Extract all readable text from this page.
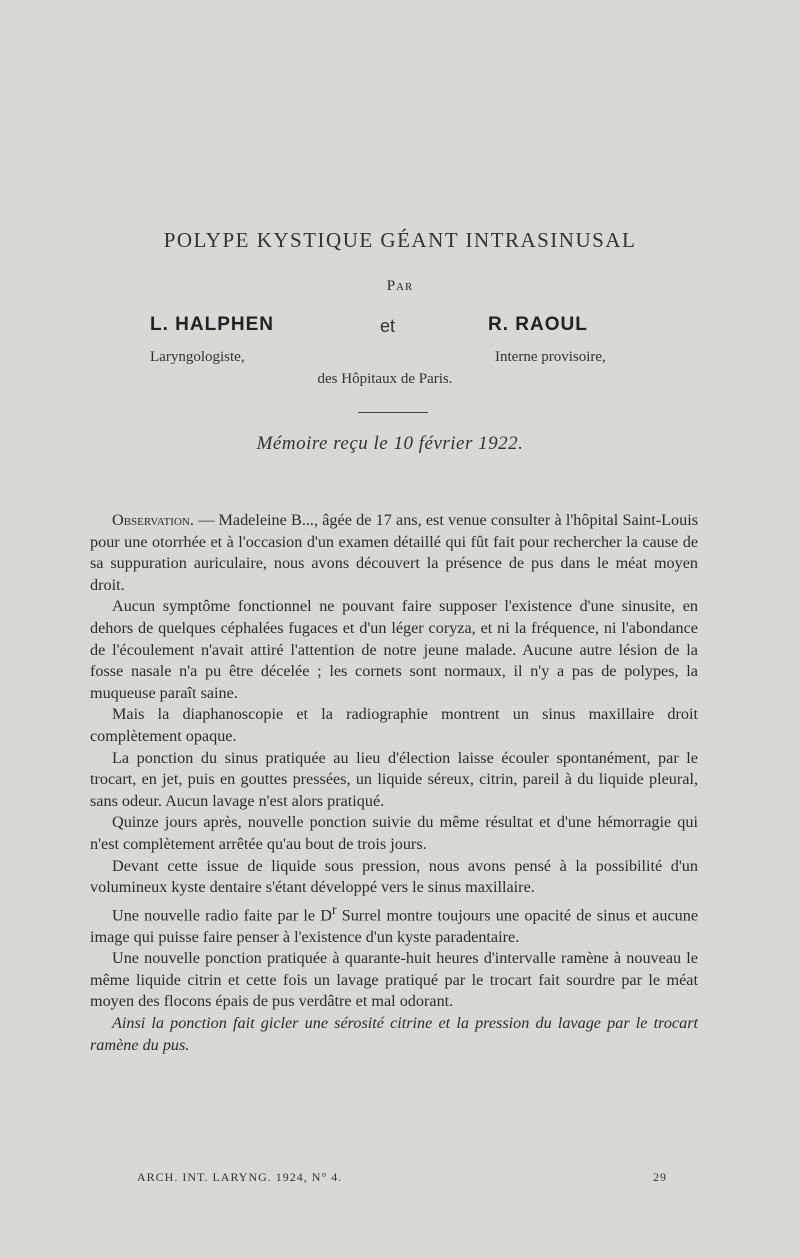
POLYPE KYSTIQUE GÉANT INTRASINUSAL
Par
L. HALPHEN	et	R. RAOUL
Laryngologiste,	Interne provisoire,
des Hôpitaux de Paris.
Mémoire reçu le 10 février 1922.

Observation. — Madeleine B..., âgée de 17 ans, est venue consulter à l'hôpital Saint-Louis pour une otorrhée et à l'occasion d'un examen détaillé qui fût fait pour rechercher la cause de sa suppuration auriculaire, nous avons découvert la présence de pus dans le méat moyen droit.

Aucun symptôme fonctionnel ne pouvant faire supposer l'existence d'une sinusite, en dehors de quelques céphalées fugaces et d'un léger coryza, et ni la fréquence, ni l'abondance de l'écoulement n'avait attiré l'attention de notre jeune malade. Aucune autre lésion de la fosse nasale n'a pu être décelée ; les cornets sont normaux, il n'y a pas de polypes, la muqueuse paraît saine.

Mais la diaphanoscopie et la radiographie montrent un sinus maxillaire droit complètement opaque.

La ponction du sinus pratiquée au lieu d'élection laisse écouler spontanément, par le trocart, en jet, puis en gouttes pressées, un liquide séreux, citrin, pareil à du liquide pleural, sans odeur. Aucun lavage n'est alors pratiqué.

Quinze jours après, nouvelle ponction suivie du même résultat et d'une hémorragie qui n'est complètement arrêtée qu'au bout de trois jours.

Devant cette issue de liquide sous pression, nous avons pensé à la possibilité d'un volumineux kyste dentaire s'étant développé vers le sinus maxillaire.

Une nouvelle radio faite par le $D^r$ Surrel montre toujours une opacité de sinus et aucune image qui puisse faire penser à l'existence d'un kyste paradentaire.

Une nouvelle ponction pratiquée à quarante-huit heures d'intervalle ramène à nouveau le même liquide citrin et cette fois un lavage pratiqué par le trocart fait sourdre par le méat moyen des flocons épais de pus verdâtre et mal odorant.

Ainsi la ponction fait gicler une sérosité citrine et la pression du lavage par le trocart ramène du pus.

ARCH. INT. LARYNG. 1924, N° 4.	29
